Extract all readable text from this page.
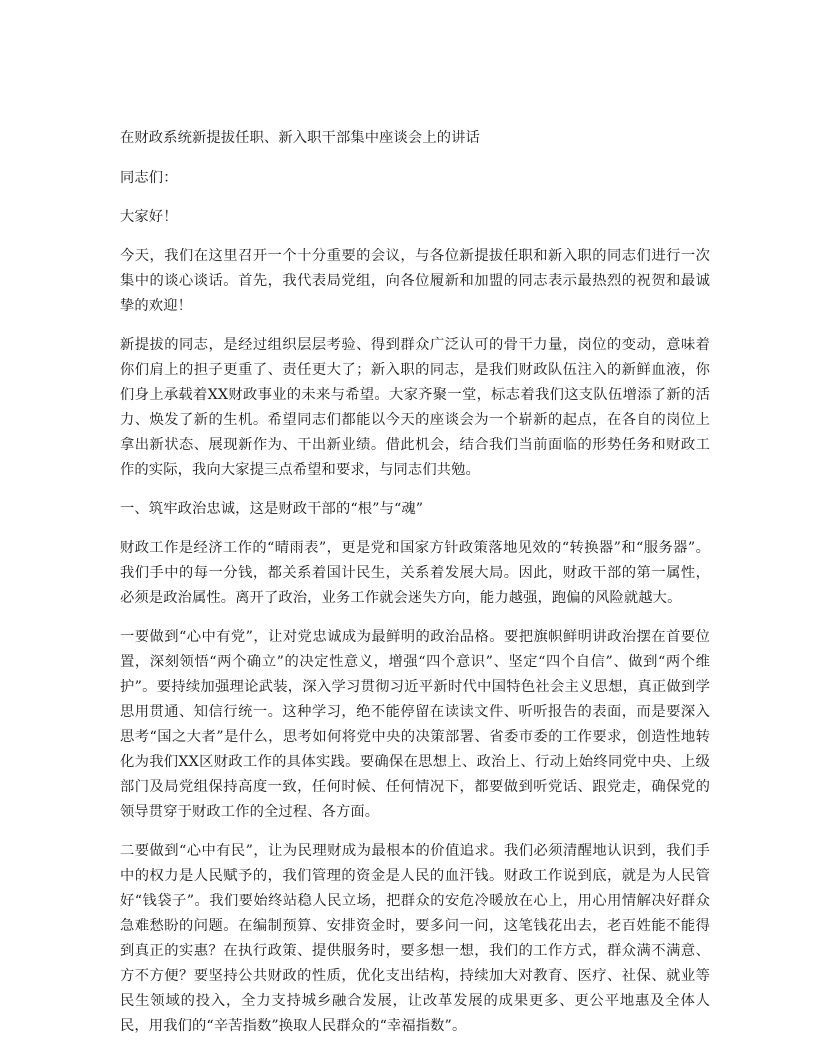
在财政系统新提拔任职、新入职干部集中座谈会上的讲话

同志们：

大家好！

今天，我们在这里召开一个十分重要的会议，与各位新提拔任职和新入职的同志们进行一次集中的谈心谈话。首先，我代表局党组，向各位履新和加盟的同志表示最热烈的祝贺和最诚挚的欢迎！

新提拔的同志，是经过组织层层考验、得到群众广泛认可的骨干力量，岗位的变动，意味着你们肩上的担子更重了、责任更大了；新入职的同志，是我们财政队伍注入的新鲜血液，你们身上承载着XX财政事业的未来与希望。大家齐聚一堂，标志着我们这支队伍增添了新的活力、焕发了新的生机。希望同志们都能以今天的座谈会为一个崭新的起点，在各自的岗位上拿出新状态、展现新作为、干出新业绩。借此机会，结合我们当前面临的形势任务和财政工作的实际，我向大家提三点希望和要求，与同志们共勉。

一、筑牢政治忠诚，这是财政干部的“根”与“魂”

财政工作是经济工作的“晴雨表”，更是党和国家方针政策落地见效的“转换器”和“服务器”。我们手中的每一分钱，都关系着国计民生，关系着发展大局。因此，财政干部的第一属性，必须是政治属性。离开了政治，业务工作就会迷失方向，能力越强，跑偏的风险就越大。

一要做到“心中有党”，让对党忠诚成为最鲜明的政治品格。要把旗帜鲜明讲政治摆在首要位置，深刻领悟“两个确立”的决定性意义，增强“四个意识”、坚定“四个自信”、做到“两个维护”。要持续加强理论武装，深入学习贯彻习近平新时代中国特色社会主义思想，真正做到学思用贯通、知信行统一。这种学习，绝不能停留在读读文件、听听报告的表面，而是要深入思考“国之大者”是什么，思考如何将党中央的决策部署、省委市委的工作要求，创造性地转化为我们XX区财政工作的具体实践。要确保在思想上、政治上、行动上始终同党中央、上级部门及局党组保持高度一致，任何时候、任何情况下，都要做到听党话、跟党走，确保党的领导贯穿于财政工作的全过程、各方面。

二要做到“心中有民”，让为民理财成为最根本的价值追求。我们必须清醒地认识到，我们手中的权力是人民赋予的，我们管理的资金是人民的血汗钱。财政工作说到底，就是为人民管好“钱袋子”。我们要始终站稳人民立场，把群众的安危冷暖放在心上，用心用情解决好群众急难愁盼的问题。在编制预算、安排资金时，要多问一问，这笔钱花出去，老百姓能不能得到真正的实惠？在执行政策、提供服务时，要多想一想，我们的工作方式，群众满不满意、方不方便？要坚持公共财政的性质，优化支出结构，持续加大对教育、医疗、社保、就业等民生领域的投入，全力支持城乡融合发展，让改革发展的成果更多、更公平地惠及全体人民，用我们的“辛苦指数”换取人民群众的“幸福指数”。
